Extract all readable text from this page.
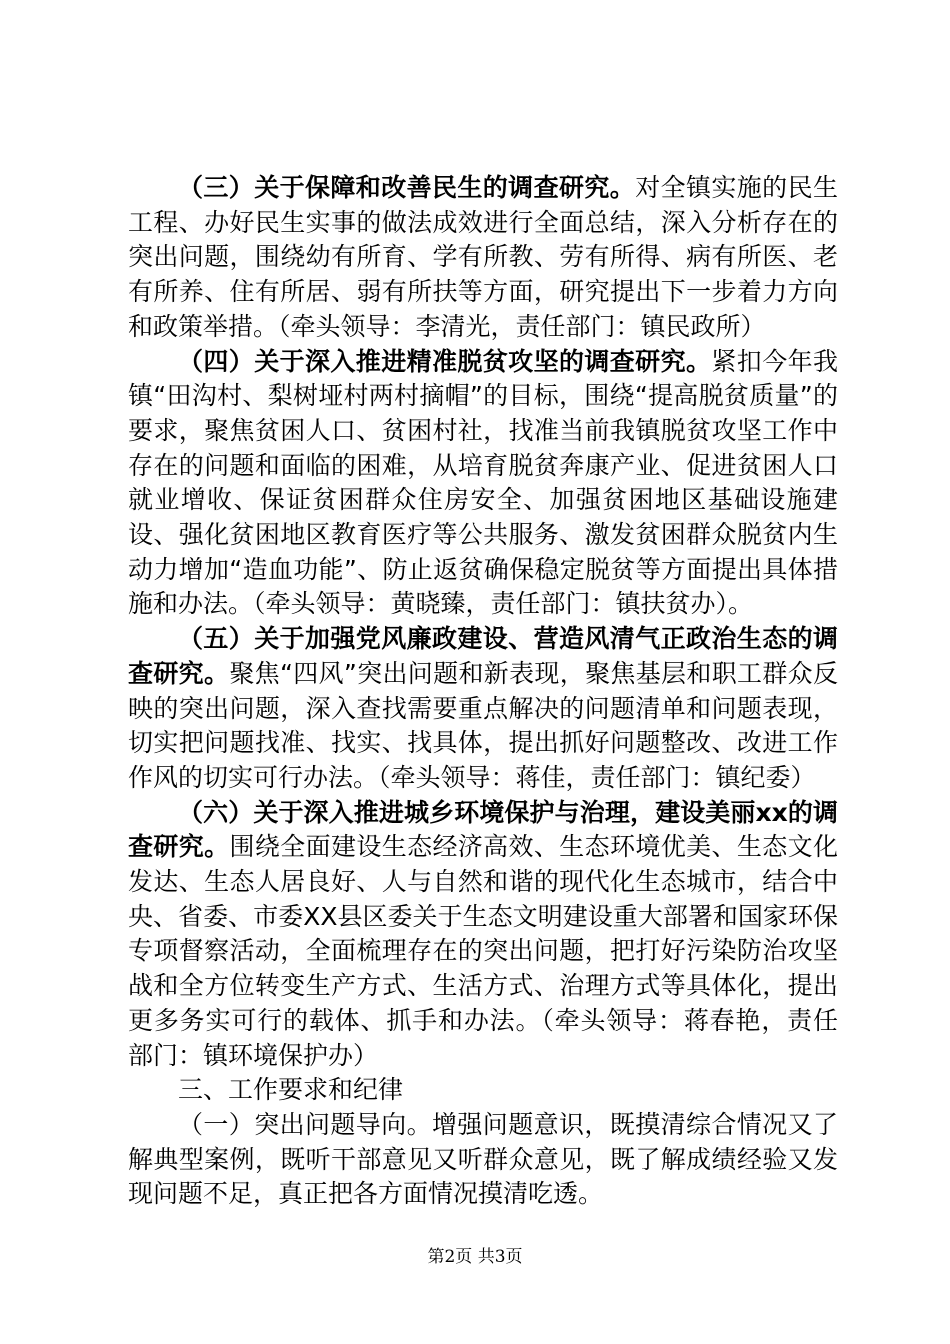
（三）关于保障和改善民生的调查研究。对全镇实施的民生工程、办好民生实事的做法成效进行全面总结，深入分析存在的突出问题，围绕幼有所育、学有所教、劳有所得、病有所医、老有所养、住有所居、弱有所扶等方面，研究提出下一步着力方向和政策举措。（牵头领导：李清光，责任部门：镇民政所）

（四）关于深入推进精准脱贫攻坚的调查研究。紧扣今年我镇“田沟村、梨树垭村两村摘帽”的目标，围绕“提高脱贫质量”的要求，聚焦贫困人口、贫困村社，找准当前我镇脱贫攻坚工作中存在的问题和面临的困难，从培育脱贫奔康产业、促进贫困人口就业增收、保证贫困群众住房安全、加强贫困地区基础设施建设、强化贫困地区教育医疗等公共服务、激发贫困群众脱贫内生动力增加“造血功能”、防止返贫确保稳定脱贫等方面提出具体措施和办法。（牵头领导：黄晓臻，责任部门：镇扶贫办）。

（五）关于加强党风廉政建设、营造风清气正政治生态的调查研究。聚焦“四风”突出问题和新表现，聚焦基层和职工群众反映的突出问题，深入查找需要重点解决的问题清单和问题表现，切实把问题找准、找实、找具体，提出抓好问题整改、改进工作作风的切实可行办法。（牵头领导：蒋佳，责任部门：镇纪委）

（六）关于深入推进城乡环境保护与治理，建设美丽xx的调查研究。围绕全面建设生态经济高效、生态环境优美、生态文化发达、生态人居良好、人与自然和谐的现代化生态城市，结合中央、省委、市委XX县区委关于生态文明建设重大部署和国家环保专项督察活动，全面梳理存在的突出问题，把打好污染防治攻坚战和全方位转变生产方式、生活方式、治理方式等具体化，提出更多务实可行的载体、抓手和办法。（牵头领导：蒋春艳，责任部门：镇环境保护办）

三、工作要求和纪律

（一）突出问题导向。增强问题意识，既摸清综合情况又了解典型案例，既听干部意见又听群众意见，既了解成绩经验又发现问题不足，真正把各方面情况摸清吃透。

第2页 共3页
